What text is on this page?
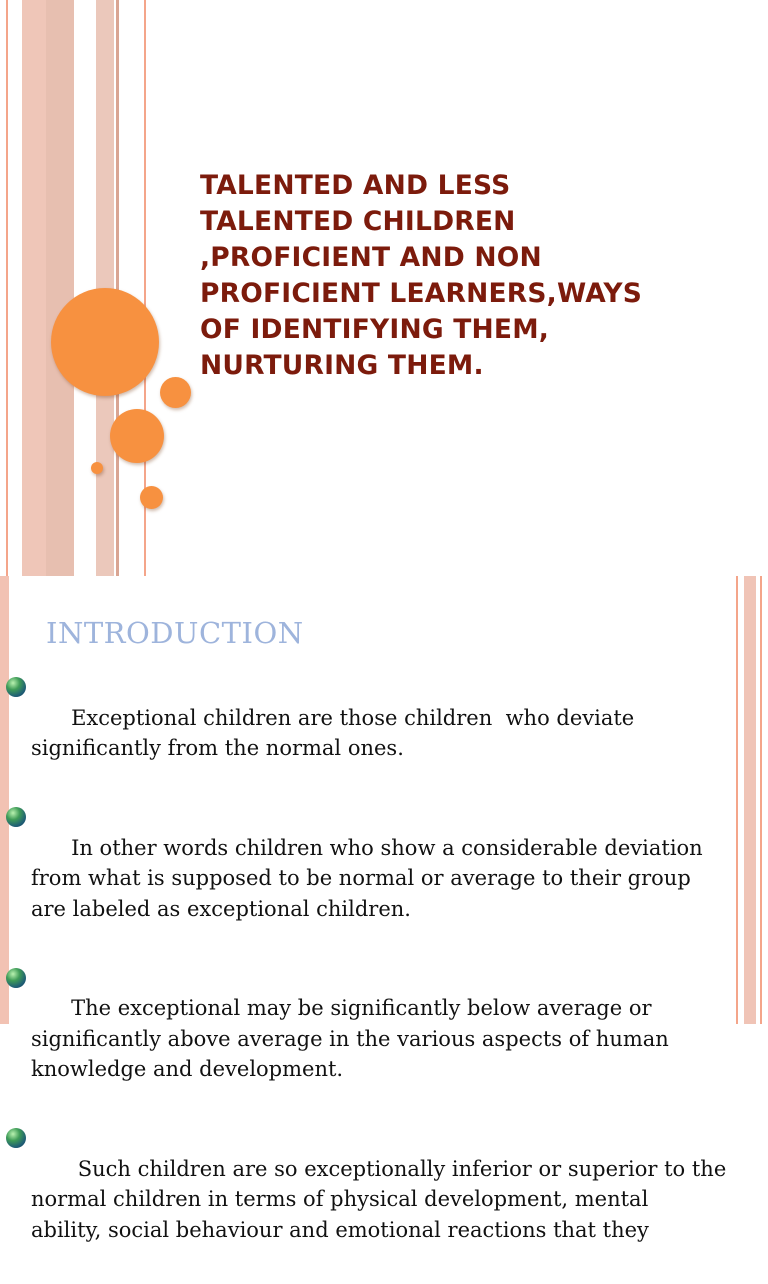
TALENTED AND LESS
TALENTED CHILDREN
,PROFICIENT AND NON
PROFICIENT LEARNERS,WAYS
OF IDENTIFYING THEM,
NURTURING THEM.
INTRODUCTION

Exceptional children are those children  who deviate
significantly from the normal ones.

In other words children who show a considerable deviation
from what is supposed to be normal or average to their group
are labeled as exceptional children.

The exceptional may be significantly below average or
significantly above average in the various aspects of human
knowledge and development.

Such children are so exceptionally inferior or superior to the
normal children in terms of physical development, mental
ability, social behaviour and emotional reactions that they
